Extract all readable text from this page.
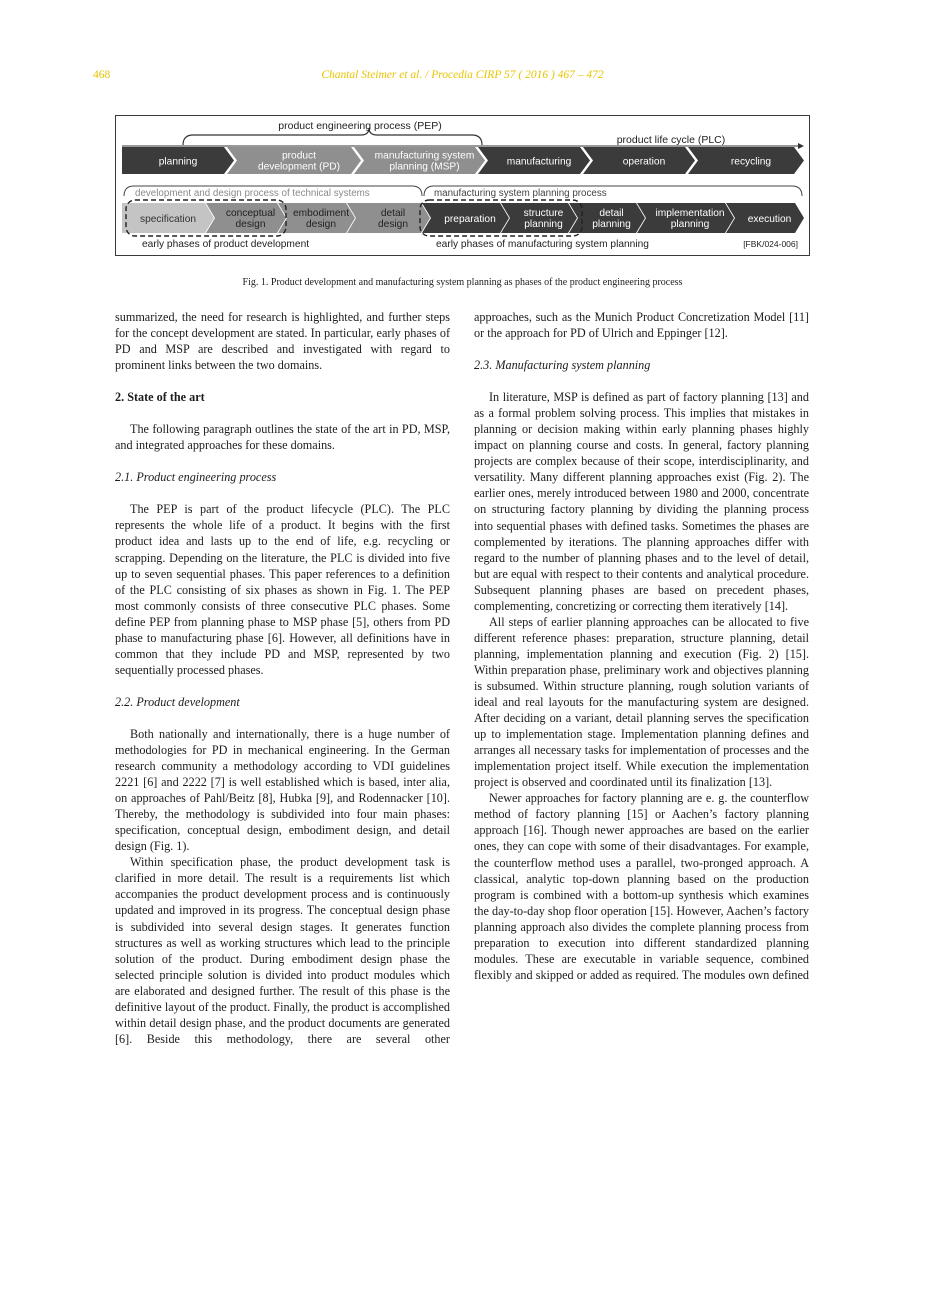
468	Chantal Steimer et al. / Procedia CIRP 57 ( 2016 ) 467 – 472
product engineering process (PEP)
product life cycle (PLC)
planning
product
development (PD)
manufacturing system
planning (MSP)	manufacturing	operation	recycling
development and design process of technical systems	manufacturing system planning process
specification
conceptual
design
embodiment
design
detail
design	preparation
structure
planning
detail
planning
implementation
planning	execution
early phases of product development	early phases of manufacturing system planning	[FBK/024-006]
Fig. 1. Product development and manufacturing system planning as phases of the product engineering process

summarized, the need for research is highlighted, and further steps for the concept development are stated. In particular, early phases of PD and MSP are described and investigated with regard to prominent links between the two domains.

2. State of the art

The following paragraph outlines the state of the art in PD, MSP, and integrated approaches for these domains.

2.1. Product engineering process

The PEP is part of the product lifecycle (PLC). The PLC represents the whole life of a product. It begins with the first product idea and lasts up to the end of life, e.g. recycling or scrapping. Depending on the literature, the PLC is divided into five up to seven sequential phases. This paper references to a definition of the PLC consisting of six phases as shown in Fig. 1. The PEP most commonly consists of three consecutive PLC phases. Some define PEP from planning phase to MSP phase [5], others from PD phase to manufacturing phase [6]. However, all definitions have in common that they include PD and MSP, represented by two sequentially processed phases.

2.2. Product development

Both nationally and internationally, there is a huge number of methodologies for PD in mechanical engineering. In the German research community a methodology according to VDI guidelines 2221 [6] and 2222 [7] is well established which is based, inter alia, on approaches of Pahl/Beitz [8], Hubka [9], and Rodennacker [10]. Thereby, the methodology is subdivided into four main phases: specification, conceptual design, embodiment design, and detail design (Fig. 1).

Within specification phase, the product development task is clarified in more detail. The result is a requirements list which accompanies the product development process and is continuously updated and improved in its progress. The conceptual design phase is subdivided into several design stages. It generates function structures as well as working structures which lead to the principle solution of the product. During embodiment design phase the selected principle solution is divided into product modules which are elaborated and designed further. The result of this phase is the definitive layout of the product. Finally, the product is accomplished within detail design phase, and the product documents are generated [6]. Beside this methodology, there are several other

approaches, such as the Munich Product Concretization Model [11] or the approach for PD of Ulrich and Eppinger [12].

2.3. Manufacturing system planning

In literature, MSP is defined as part of factory planning [13] and as a formal problem solving process. This implies that mistakes in planning or decision making within early planning phases highly impact on planning course and costs. In general, factory planning projects are complex because of their scope, interdisciplinarity, and versatility. Many different planning approaches exist (Fig. 2). The earlier ones, merely introduced between 1980 and 2000, concentrate on structuring factory planning by dividing the planning process into sequential phases with defined tasks. Sometimes the phases are complemented by iterations. The planning approaches differ with regard to the number of planning phases and to the level of detail, but are equal with respect to their contents and analytical procedure. Subsequent planning phases are based on precedent phases, complementing, concretizing or correcting them iteratively [14].

All steps of earlier planning approaches can be allocated to five different reference phases: preparation, structure planning, detail planning, implementation planning and execution (Fig. 2) [15]. Within preparation phase, preliminary work and objectives planning is subsumed. Within structure planning, rough solution variants of ideal and real layouts for the manufacturing system are designed. After deciding on a variant, detail planning serves the specification up to implementation stage. Implementation planning defines and arranges all necessary tasks for implementation of processes and the implementation project itself. While execution the implementation project is observed and coordinated until its finalization [13].

Newer approaches for factory planning are e. g. the counterflow method of factory planning [15] or Aachen’s factory planning approach [16]. Though newer approaches are based on the earlier ones, they can cope with some of their disadvantages. For example, the counterflow method uses a parallel, two-pronged approach. A classical, analytic top-down planning based on the production program is combined with a bottom-up synthesis which examines the day-to-day shop floor operation [15]. However, Aachen’s factory planning approach also divides the complete planning process from preparation to execution into different standardized planning modules. These are executable in variable sequence, combined flexibly and skipped or added as required. The modules own defined
